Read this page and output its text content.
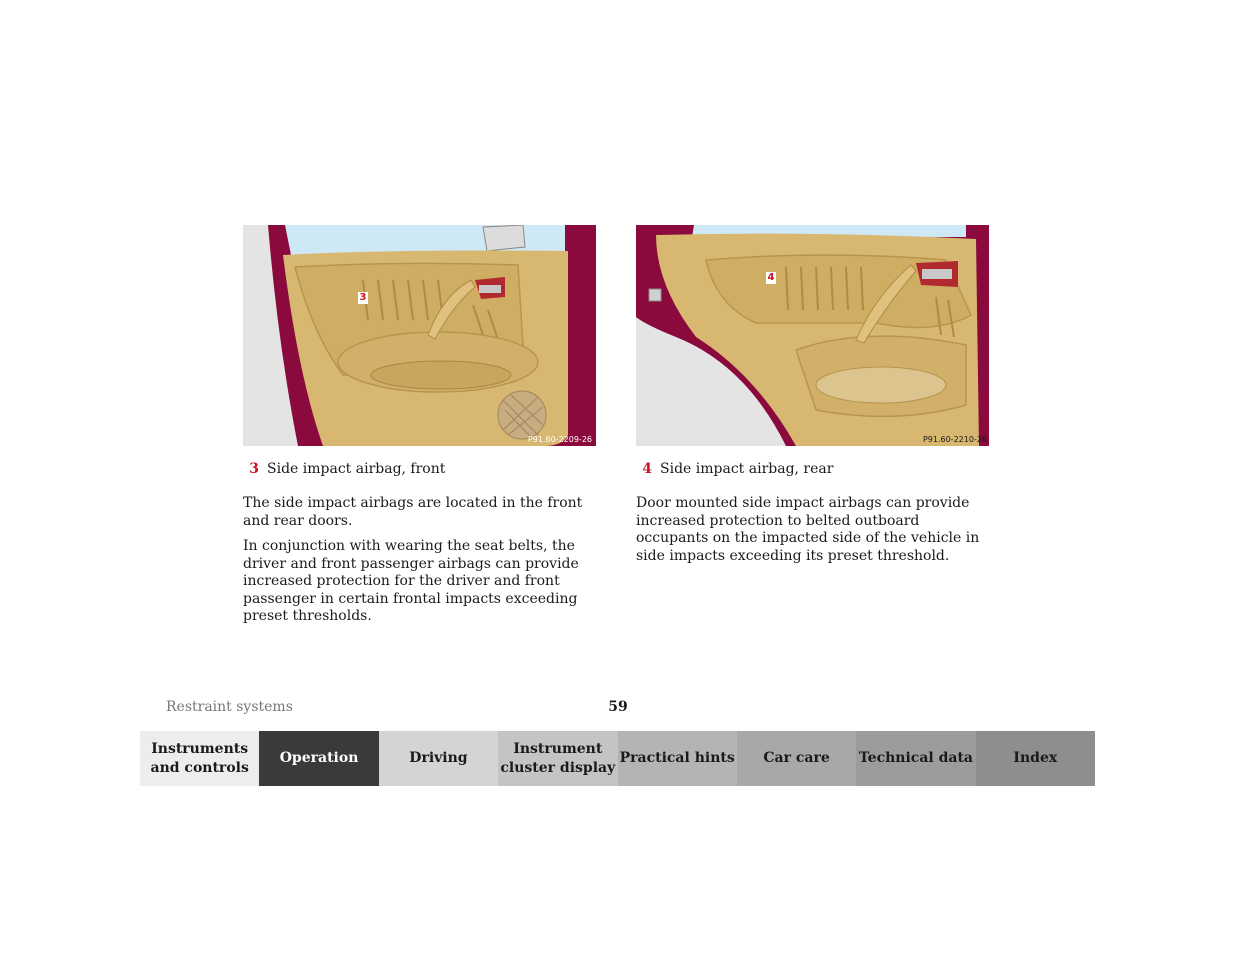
3
P91.60-2209-26
4
P91.60-2210-26
3 Side impact airbag, front	4 Side impact airbag, rear

The side impact airbags are located in the front and rear doors.

In conjunction with wearing the seat belts, the driver and front passenger airbags can provide increased protection for the driver and front passenger in certain frontal impacts exceeding preset thresholds.

Door mounted side impact airbags can provide increased protection to belted outboard occupants on the impacted side of the vehicle in side impacts exceeding its preset threshold.

Restraint systems	59
Instruments and controls
Operation	Driving
Instrument cluster display
Practical hints Car care Technical data	Index
